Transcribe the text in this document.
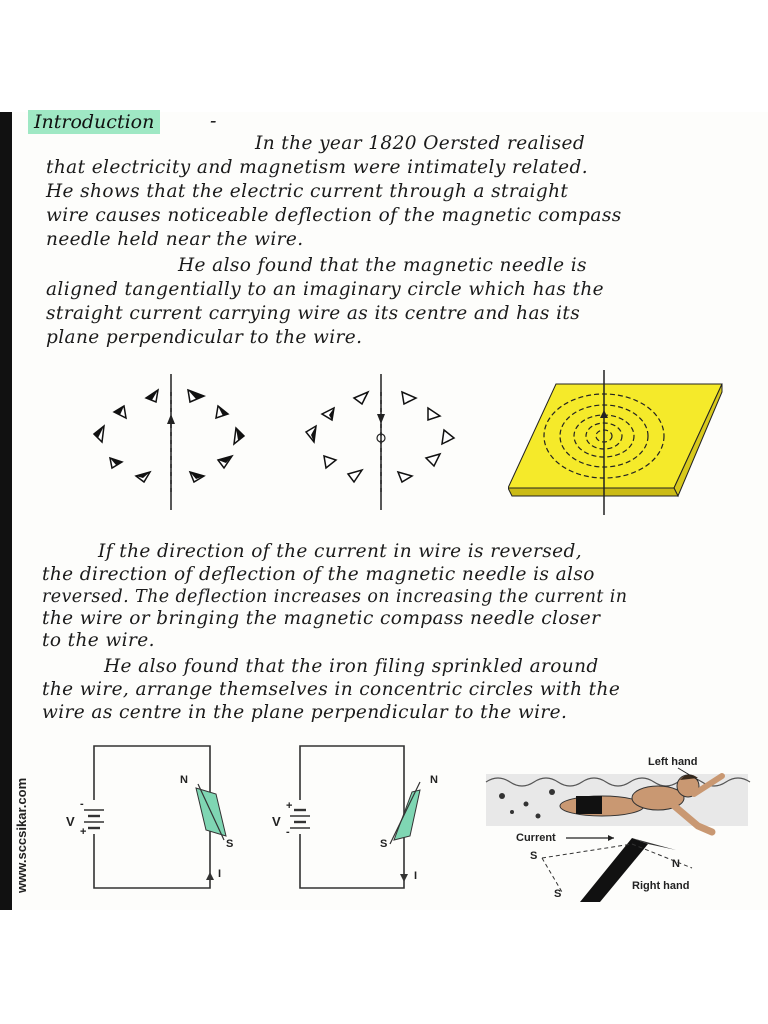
Introduction	-
In the year 1820 Oersted realised
that electricity and magnetism were intimately related.
He shows that the electric current through a straight
wire causes noticeable deflection of the magnetic compass
needle held near the wire.
He also found that the magnetic needle is
aligned tangentially to an imaginary circle which has the
straight current carrying wire as its centre and has its
plane perpendicular to the wire.
If the direction of the current in wire is reversed,
the direction of deflection of the magnetic needle is also
reversed. The deflection increases on increasing the current in
the wire or bringing the magnetic compass needle closer
to the wire.
He also found that the iron filing sprinkled around
the wire, arrange themselves in concentric circles with the
wire as centre in the plane perpendicular to the wire.
N
S
V
-
+
I
N
S
V
+
-
I
Left hand
Current
S
S
N
Right hand
www.sccsikar.com
